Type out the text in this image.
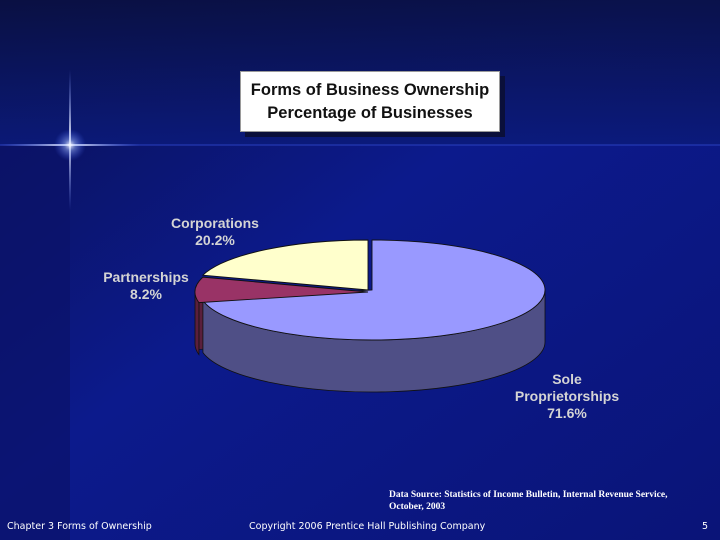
Sole
Proprietorships
71.6%
Partnerships
8.2%
Corporations
20.2%
Forms of Business Ownership
Percentage of Businesses
Data Source: Statistics of Income Bulletin, Internal Revenue Service,
October, 2003
Chapter 3 Forms of Ownership	Copyright 2006 Prentice Hall Publishing Company	5
